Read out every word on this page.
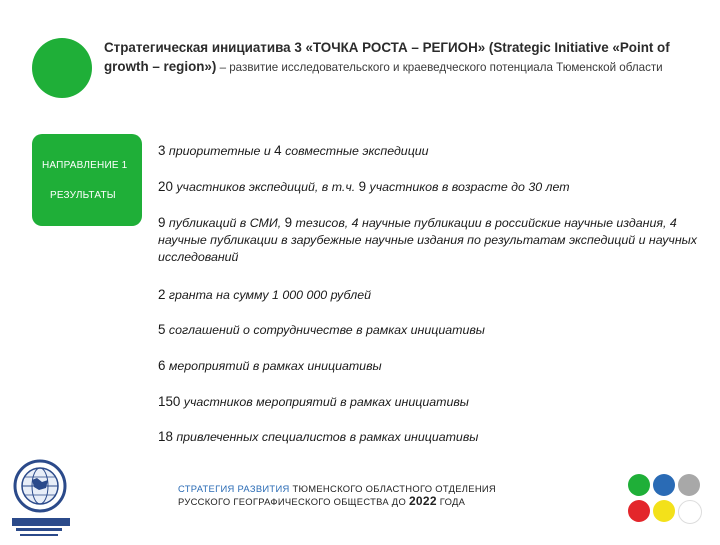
Стратегическая инициатива 3 «ТОЧКА РОСТА – РЕГИОН» (Strategic Initiative «Point of growth – region») – развитие исследовательского и краеведческого потенциала Тюменской области
НАПРАВЛЕНИЕ 1
РЕЗУЛЬТАТЫ
3 приоритетные и 4 совместные экспедиции
20 участников экспедиций, в т.ч. 9 участников в возрасте до 30 лет
9 публикаций в СМИ, 9 тезисов, 4 научные публикации в российские научные издания, 4 научные публикации в зарубежные научные издания по результатам экспедиций и научных исследований
2 гранта на сумму 1 000 000 рублей
5 соглашений о сотрудничестве в рамках инициативы
6 мероприятий в рамках инициативы
150 участников мероприятий в рамках инициативы
18 привлеченных специалистов в рамках инициативы
СТРАТЕГИЯ РАЗВИТИЯ ТЮМЕНСКОГО ОБЛАСТНОГО ОТДЕЛЕНИЯ
РУССКОГО ГЕОГРАФИЧЕСКОГО ОБЩЕСТВА ДО 2022 ГОДА
